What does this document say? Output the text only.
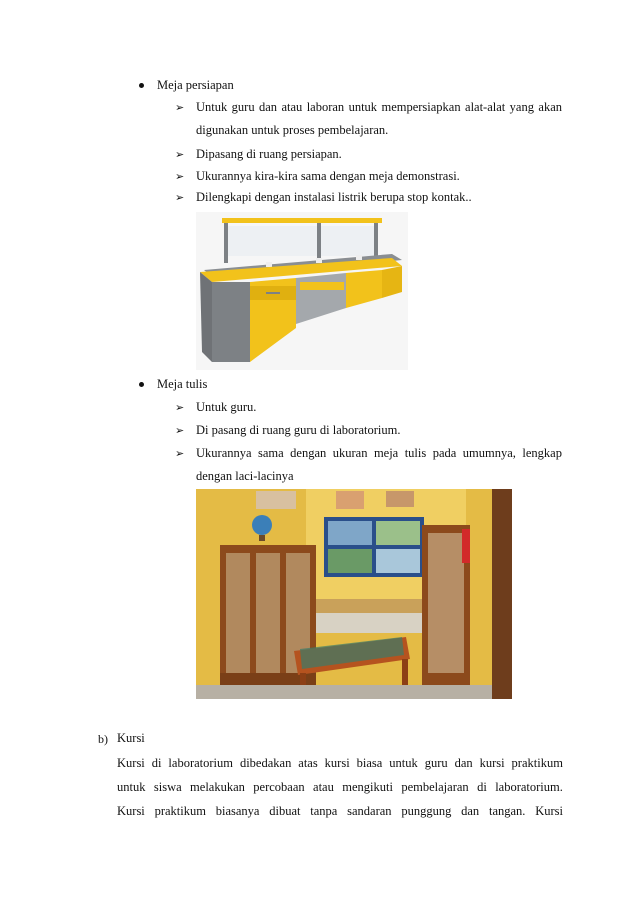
Meja persiapan
➢ Untuk guru dan atau laboran untuk mempersiapkan alat-alat yang akan
digunakan untuk proses pembelajaran.
➢ Dipasang di ruang persiapan.
➢ Ukurannya kira-kira sama dengan meja demonstrasi.
➢ Dilengkapi dengan instalasi listrik berupa stop kontak..
Meja tulis
➢ Untuk guru.
➢ Di pasang di ruang guru di laboratorium.
➢ Ukurannya sama dengan ukuran meja tulis pada umumnya, lengkap
dengan laci-lacinya
b) Kursi
Kursi di laboratorium dibedakan atas kursi biasa untuk guru dan kursi praktikum
untuk siswa melakukan percobaan atau mengikuti pembelajaran di laboratorium.
Kursi praktikum biasanya dibuat tanpa sandaran punggung dan tangan. Kursi
